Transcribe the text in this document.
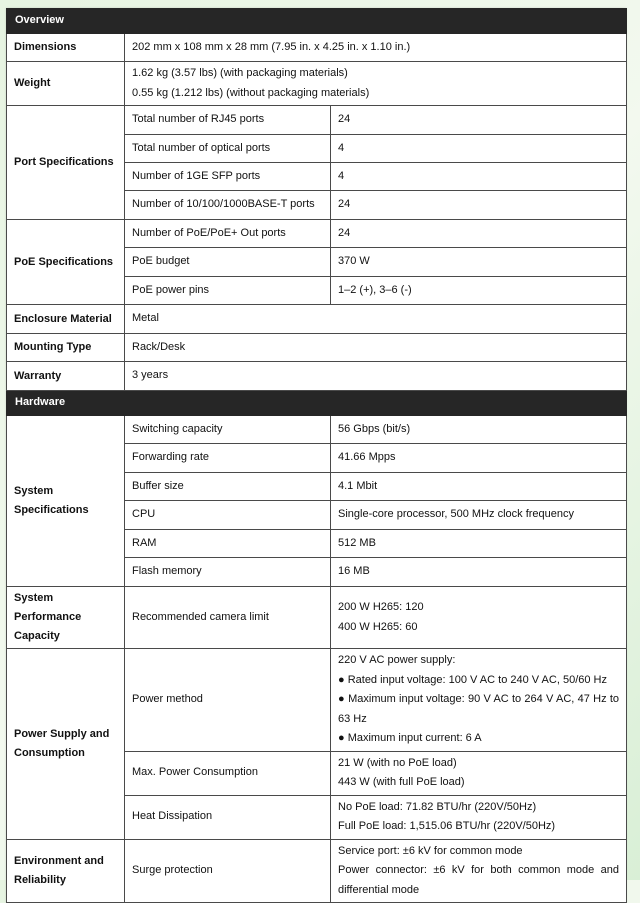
Overview		
Dimensions	202 mm x 108 mm x 28 mm (7.95 in. x 4.25 in. x 1.10 in.)	

Weight	1.62 kg (3.57 lbs) (with packaging materials)
0.55 kg (1.212 lbs) (without packaging materials)	

Port Specifications	Total number of RJ45 ports	24
	Total number of optical ports	4
	Number of 1GE SFP ports	4
	Number of 10/100/1000BASE-T ports	24
PoE Specifications	Number of PoE/PoE+ Out ports	24
	PoE budget	370 W
	PoE power pins	1–2 (+), 3–6 (-)
Enclosure Material	Metal	
Mounting Type	Rack/Desk	
Warranty	3 years	
Hardware		
System Specifications	Switching capacity	56 Gbps (bit/s)
	Forwarding rate	41.66 Mpps
	Buffer size	4.1 Mbit
	CPU	Single-core processor, 500 MHz clock frequency
	RAM	512 MB
	Flash memory	16 MB
System Performance Capacity	Recommended camera limit	200 W H265: 120
400 W H265: 60

Power Supply and Consumption	Power method	220 V AC power supply:
● Rated input voltage: 100 V AC to 240 V AC, 50/60 Hz
● Maximum input voltage: 90 V AC to 264 V AC, 47 Hz to 63 Hz
● Maximum input current: 6 A

	Max. Power Consumption	21 W (with no PoE load)
443 W (with full PoE load)

	Heat Dissipation	No PoE load: 71.82 BTU/hr (220V/50Hz)
Full PoE load: 1,515.06 BTU/hr (220V/50Hz)

Environment and Reliability	Surge protection	Service port: ±6 kV for common mode
Power connector: ±6 kV for both common mode and differential mode
